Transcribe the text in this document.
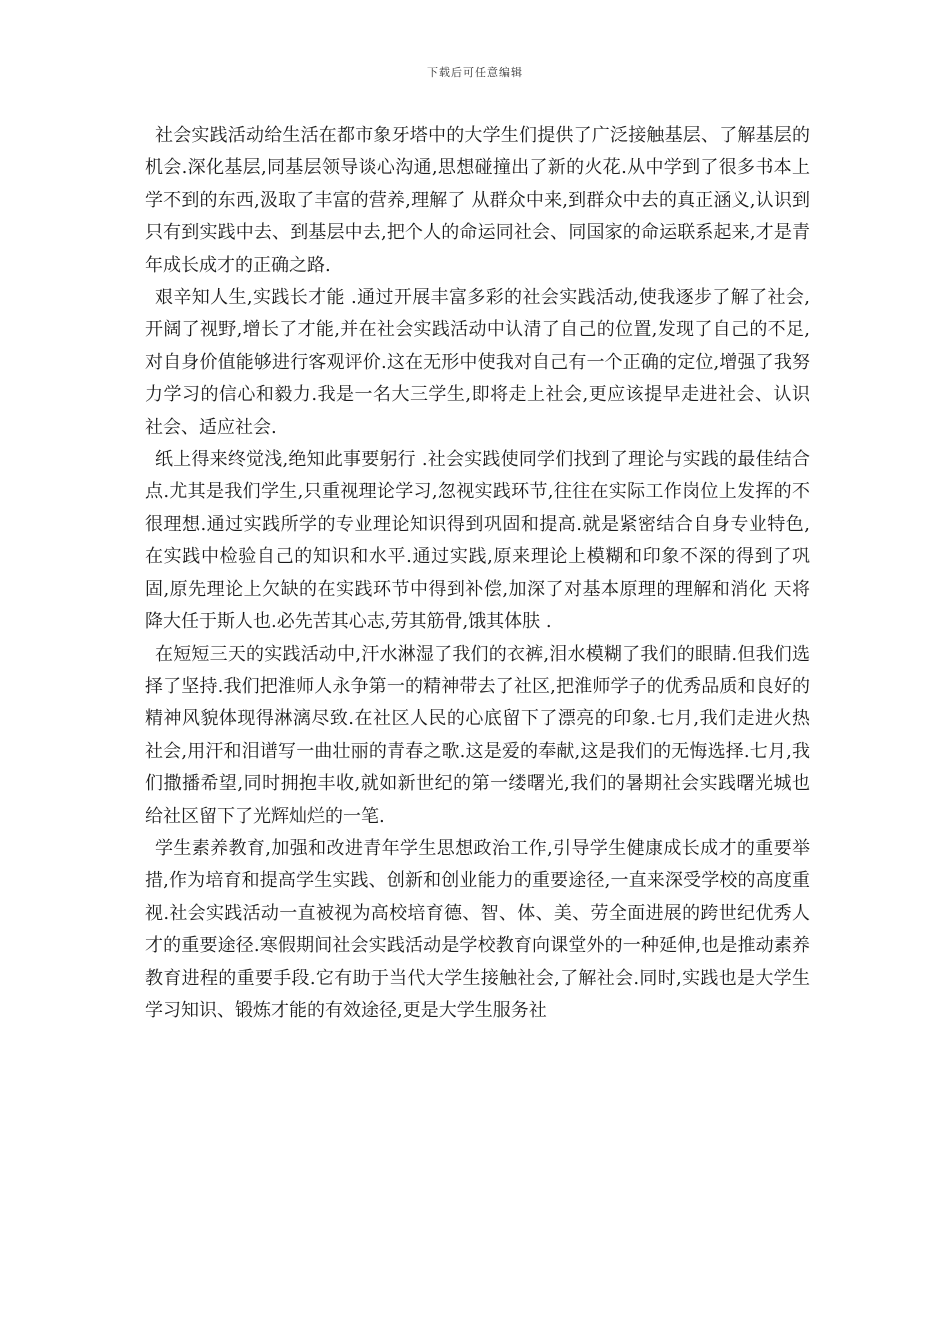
下载后可任意编辑

社会实践活动给生活在都市象牙塔中的大学生们提供了广泛接触基层、了解基层的机会.深化基层,同基层领导谈心沟通,思想碰撞出了新的火花.从中学到了很多书本上学不到的东西,汲取了丰富的营养,理解了 从群众中来,到群众中去的真正涵义,认识到只有到实践中去、到基层中去,把个人的命运同社会、同国家的命运联系起来,才是青年成长成才的正确之路.

艰辛知人生,实践长才能 .通过开展丰富多彩的社会实践活动,使我逐步了解了社会,开阔了视野,增长了才能,并在社会实践活动中认清了自己的位置,发现了自己的不足,对自身价值能够进行客观评价.这在无形中使我对自己有一个正确的定位,增强了我努力学习的信心和毅力.我是一名大三学生,即将走上社会,更应该提早走进社会、认识社会、适应社会.

纸上得来终觉浅,绝知此事要躬行 .社会实践使同学们找到了理论与实践的最佳结合点.尤其是我们学生,只重视理论学习,忽视实践环节,往往在实际工作岗位上发挥的不很理想.通过实践所学的专业理论知识得到巩固和提高.就是紧密结合自身专业特色,在实践中检验自己的知识和水平.通过实践,原来理论上模糊和印象不深的得到了巩固,原先理论上欠缺的在实践环节中得到补偿,加深了对基本原理的理解和消化 天将降大任于斯人也.必先苦其心志,劳其筋骨,饿其体肤 .

在短短三天的实践活动中,汗水淋湿了我们的衣裤,泪水模糊了我们的眼睛.但我们选择了坚持.我们把淮师人永争第一的精神带去了社区,把淮师学子的优秀品质和良好的精神风貌体现得淋漓尽致.在社区人民的心底留下了漂亮的印象.七月,我们走进火热社会,用汗和泪谱写一曲壮丽的青春之歌.这是爱的奉献,这是我们的无悔选择.七月,我们撒播希望,同时拥抱丰收,就如新世纪的第一缕曙光,我们的暑期社会实践曙光城也给社区留下了光辉灿烂的一笔.

学生素养教育,加强和改进青年学生思想政治工作,引导学生健康成长成才的重要举措,作为培育和提高学生实践、创新和创业能力的重要途径,一直来深受学校的高度重视.社会实践活动一直被视为高校培育德、智、体、美、劳全面进展的跨世纪优秀人才的重要途径.寒假期间社会实践活动是学校教育向课堂外的一种延伸,也是推动素养教育进程的重要手段.它有助于当代大学生接触社会,了解社会.同时,实践也是大学生学习知识、锻炼才能的有效途径,更是大学生服务社
